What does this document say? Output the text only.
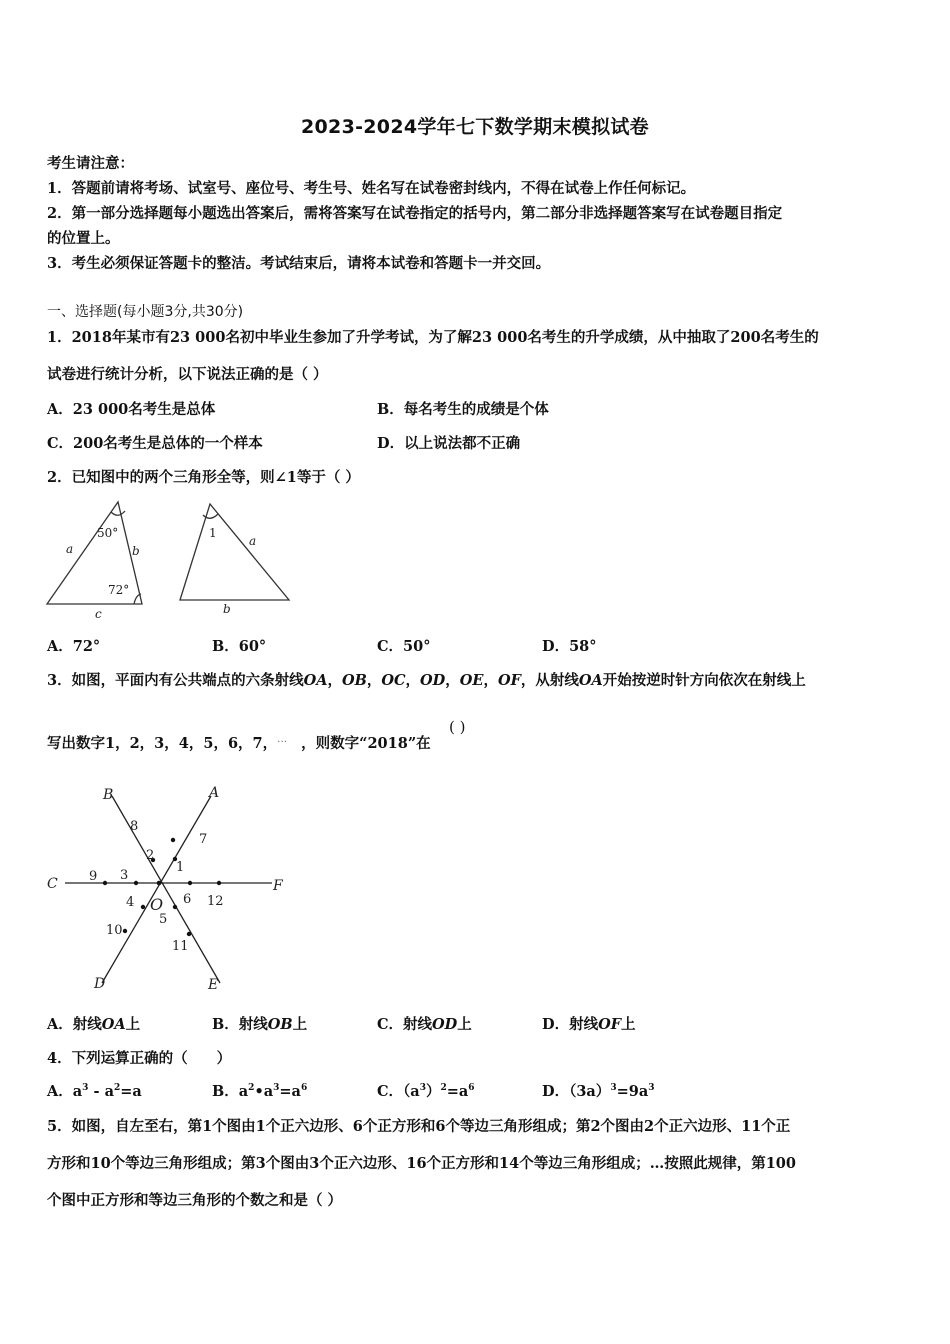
2023-2024学年七下数学期末模拟试卷
考生请注意：
1．答题前请将考场、试室号、座位号、考生号、姓名写在试卷密封线内，不得在试卷上作任何标记。
2．第一部分选择题每小题选出答案后，需将答案写在试卷指定的括号内，第二部分非选择题答案写在试卷题目指定
的位置上。
3．考生必须保证答题卡的整洁。考试结束后，请将本试卷和答题卡一并交回。
一、选择题(每小题3分,共30分)
1．2018年某市有23 000名初中毕业生参加了升学考试，为了解23 000名考生的升学成绩，从中抽取了200名考生的
试卷进行统计分析，以下说法正确的是（ ）
A．23 000名考生是总体	B．每名考生的成绩是个体
C．200名考生是总体的一个样本	D．以上说法都不正确
2．已知图中的两个三角形全等，则∠1等于（ ）
50°
72°
a	b
c
1
a
b
A．72°	B．60°	C．50°	D．58°
3．如图，平面内有公共端点的六条射线OA，OB，OC，OD，OE，OF，从射线OA开始按逆时针方向依次在射线上
写出数字1，2，3，4，5，6，7，… ，则数字“2018”在
( )
A
B
C
D	E
F
O
1
2
3
4
5
6
7
8
9
10
11
12
A．射线OA上	B．射线OB上	C．射线OD上	D．射线OF上
4．下列运算正确的（　　）
A．$a^3 - a^2=a$	B．$a^2•a^3=a^6$	C．$(a^3)^2=a^6$	D．$(3a)^3=9a^3$
5．如图，自左至右，第1个图由1个正六边形、6个正方形和6个等边三角形组成；第2个图由2个正六边形、11个正
方形和10个等边三角形组成；第3个图由3个正六边形、16个正方形和14个等边三角形组成；…按照此规律，第100
个图中正方形和等边三角形的个数之和是（ ）
